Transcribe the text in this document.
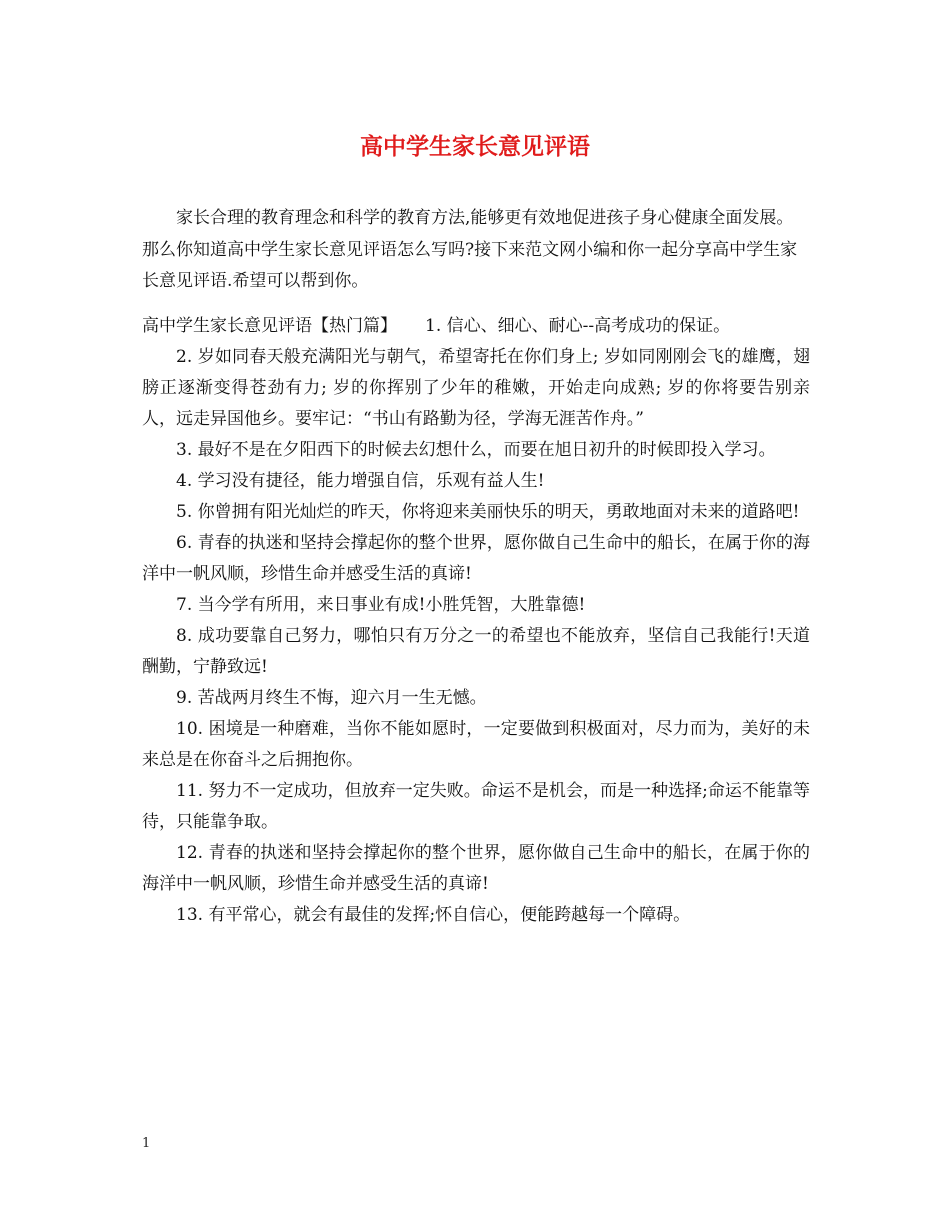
高中学生家长意见评语
家长合理的教育理念和科学的教育方法,能够更有效地促进孩子身心健康全面发展。那么你知道高中学生家长意见评语怎么写吗?接下来范文网小编和你一起分享高中学生家长意见评语.希望可以帮到你。
高中学生家长意见评语【热门篇】 1. 信心、细心、耐心--高考成功的保证。

2. 岁如同春天般充满阳光与朝气，希望寄托在你们身上; 岁如同刚刚会飞的雄鹰，翅膀正逐渐变得苍劲有力; 岁的你挥别了少年的稚嫩，开始走向成熟; 岁的你将要告别亲人，远走异国他乡。要牢记：“书山有路勤为径，学海无涯苦作舟。”

3. 最好不是在夕阳西下的时候去幻想什么，而要在旭日初升的时候即投入学习。

4. 学习没有捷径，能力增强自信，乐观有益人生!

5. 你曾拥有阳光灿烂的昨天，你将迎来美丽快乐的明天，勇敢地面对未来的道路吧!

6. 青春的执迷和坚持会撑起你的整个世界，愿你做自己生命中的船长，在属于你的海洋中一帆风顺，珍惜生命并感受生活的真谛!

7. 当今学有所用，来日事业有成!小胜凭智，大胜靠德!

8. 成功要靠自己努力，哪怕只有万分之一的希望也不能放弃，坚信自己我能行!天道酬勤，宁静致远!

9. 苦战两月终生不悔，迎六月一生无憾。

10. 困境是一种磨难，当你不能如愿时，一定要做到积极面对，尽力而为，美好的未来总是在你奋斗之后拥抱你。

11. 努力不一定成功，但放弃一定失败。命运不是机会，而是一种选择;命运不能靠等待，只能靠争取。

12. 青春的执迷和坚持会撑起你的整个世界，愿你做自己生命中的船长，在属于你的海洋中一帆风顺，珍惜生命并感受生活的真谛!

13. 有平常心，就会有最佳的发挥;怀自信心，便能跨越每一个障碍。

1
